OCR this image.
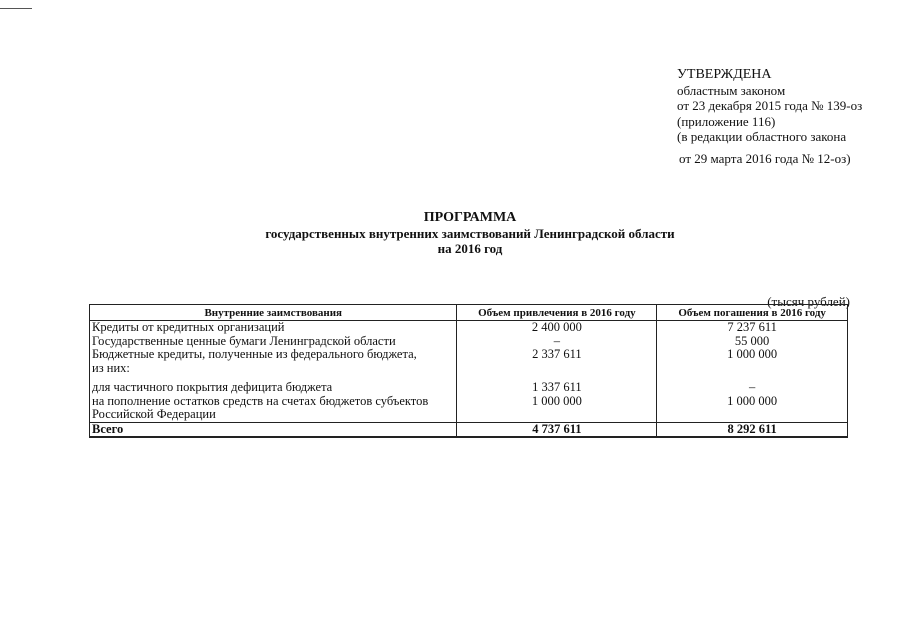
УТВЕРЖДЕНА
областным законом
от 23 декабря 2015 года № 139-оз
(приложение 116)
(в редакции областного закона
от 29 марта 2016 года № 12-оз)
ПРОГРАММА
государственных внутренних заимствований Ленинградской области
на 2016 год
(тысяч рублей)
Внутренние заимствования	Объем привлечения в 2016 году	Объем погашения в 2016 году
Кредиты от кредитных организаций	2 400 000	7 237 611
Государственные ценные бумаги Ленинградской области	–	55 000
Бюджетные кредиты, полученные из федерального бюджета,	2 337 611	1 000 000
из них:		

для частичного покрытия дефицита бюджета	1 337 611	–
на пополнение остатков средств на счетах бюджетов субъектов	1 000 000	1 000 000
Российской Федерации		
Всего	4 737 611	8 292 611
